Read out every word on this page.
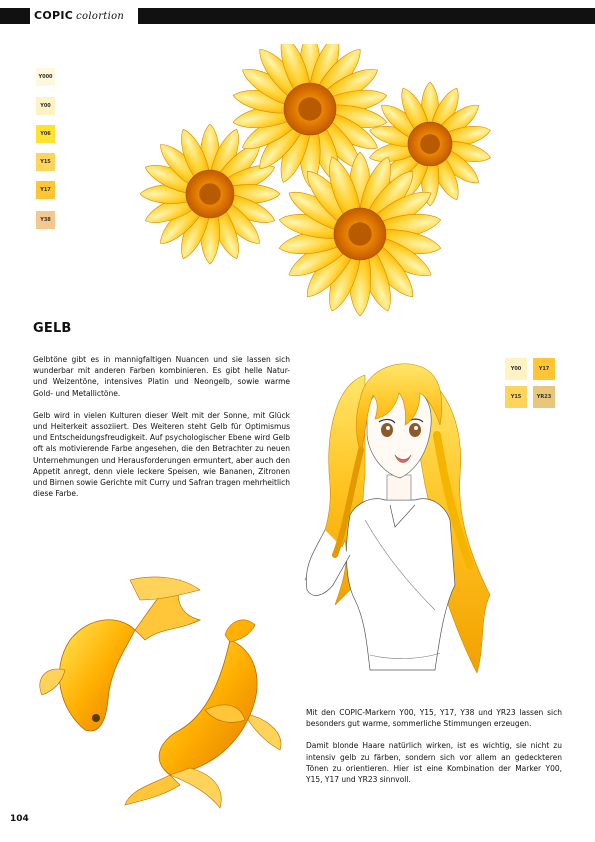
COPIC colortion
Y000
Y00
Y06
Y15
Y17
Y38
GELB

Gelbtöne gibt es in mannigfaltigen Nuancen und sie lassen sich wunderbar mit anderen Farben kombinieren. Es gibt helle Natur- und Weizentöne, intensives Platin und Neongelb, sowie warme Gold- und Metallictöne.

Gelb wird in vielen Kulturen dieser Welt mit der Sonne, mit Glück und Heiterkeit assoziiert. Des Weiteren steht Gelb für Optimismus und Entscheidungsfreudigkeit. Auf psychologischer Ebene wird Gelb oft als motivierende Farbe angesehen, die den Betrachter zu neuen Unternehmungen und Herausforderungen ermuntert, aber auch den Appetit anregt, denn viele leckere Speisen, wie Bananen, Zitronen und Birnen sowie Gerichte mit Curry und Safran tragen mehrheitlich diese Farbe.

Y00	Y17
Y15	YR23

Mit den COPIC-Markern Y00, Y15, Y17, Y38 und YR23 lassen sich besonders gut warme, sommerliche Stimmungen erzeugen.

Damit blonde Haare natürlich wirken, ist es wichtig, sie nicht zu intensiv gelb zu färben, sondern sich vor allem an gedeckteren Tönen zu orientieren. Hier ist eine Kombination der Marker Y00, Y15, Y17 und YR23 sinnvoll.

104
